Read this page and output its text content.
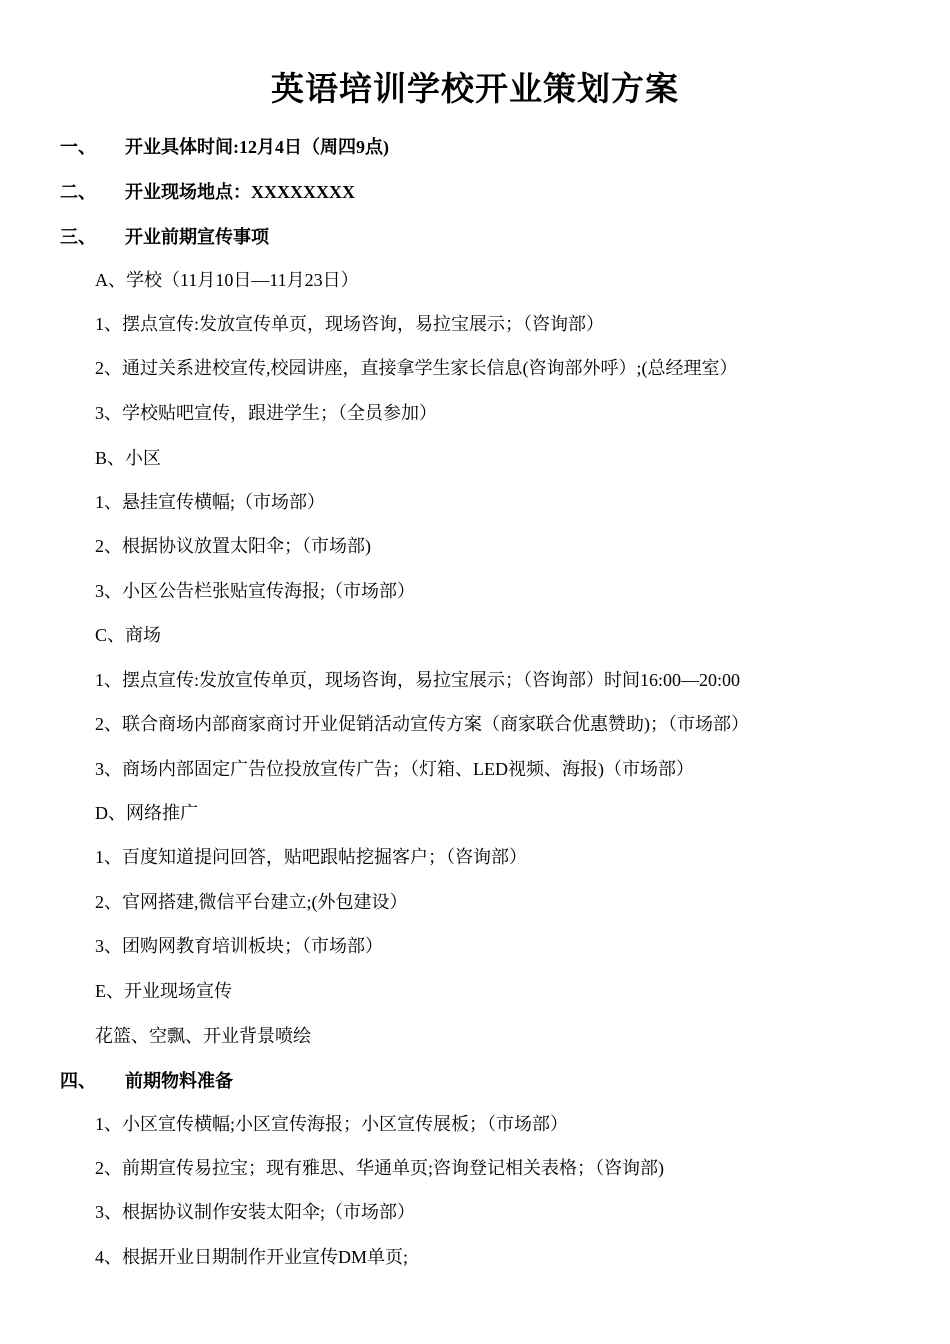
英语培训学校开业策划方案
一、 开业具体时间:12月4日（周四9点)
二、 开业现场地点：XXXXXXXX
三、 开业前期宣传事项
A、学校（11月10日—11月23日）
1、摆点宣传:发放宣传单页，现场咨询，易拉宝展示；（咨询部）
2、通过关系进校宣传,校园讲座，直接拿学生家长信息(咨询部外呼）;(总经理室）
3、学校贴吧宣传，跟进学生；（全员参加）
B、小区
1、悬挂宣传横幅;（市场部）
2、根据协议放置太阳伞；（市场部)
3、小区公告栏张贴宣传海报;（市场部）
C、商场
1、摆点宣传:发放宣传单页，现场咨询，易拉宝展示；（咨询部）时间16:00—20:00
2、联合商场内部商家商讨开业促销活动宣传方案（商家联合优惠赞助)；（市场部）
3、商场内部固定广告位投放宣传广告；（灯箱、LED视频、海报)（市场部）
D、网络推广
1、百度知道提问回答，贴吧跟帖挖掘客户；（咨询部）
2、官网搭建,微信平台建立;(外包建设）
3、团购网教育培训板块；（市场部）
E、开业现场宣传
花篮、空飘、开业背景喷绘
四、 前期物料准备
1、小区宣传横幅;小区宣传海报；小区宣传展板；（市场部）
2、前期宣传易拉宝；现有雅思、华通单页;咨询登记相关表格；（咨询部)
3、根据协议制作安装太阳伞;（市场部）
4、根据开业日期制作开业宣传DM单页;
